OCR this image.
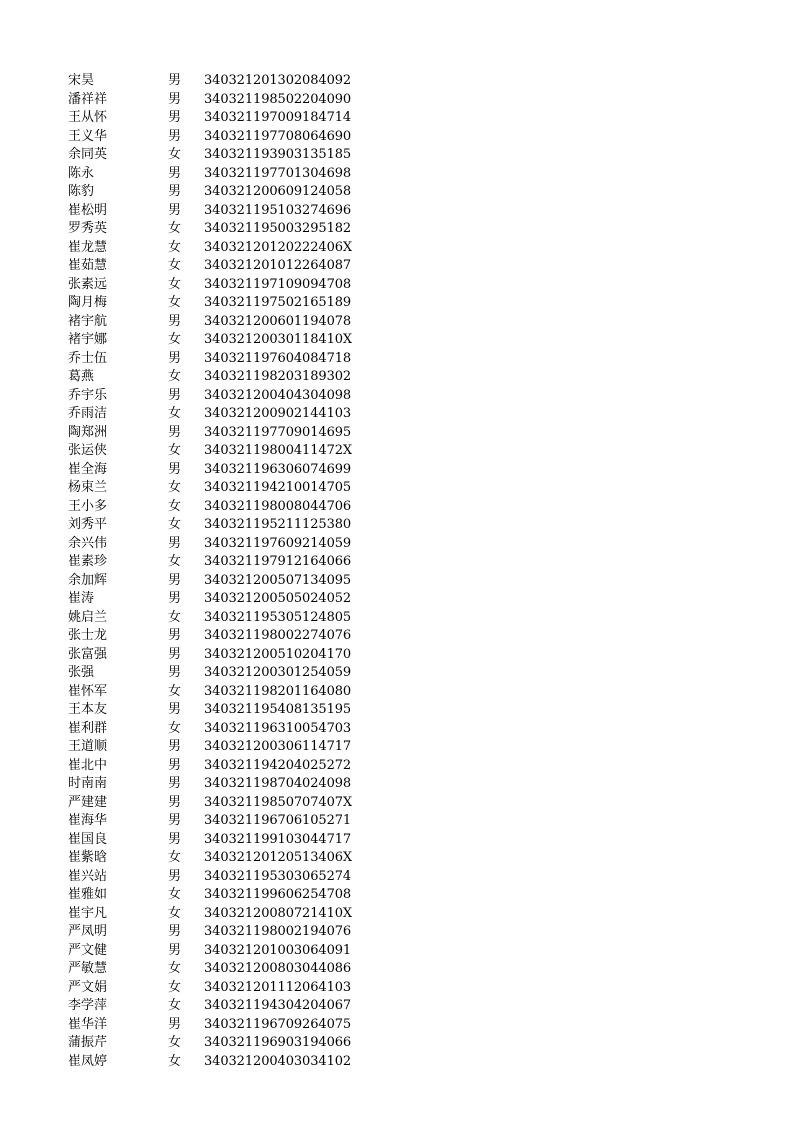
宋昊	男 340321201302084092
潘祥祥	男 340321198502204090
王从怀	男 340321197009184714
王义华	男 340321197708064690
余同英	女 340321193903135185
陈永	男 340321197701304698
陈豹	男 340321200609124058
崔松明	男 340321195103274696
罗秀英	女 340321195003295182
崔龙慧	女 34032120120222406X
崔茹慧	女 340321201012264087
张素远	女 340321197109094708
陶月梅	女 340321197502165189
褚宇航	男 340321200601194078
褚宇娜	女 34032120030118410X
乔士伍	男 340321197604084718
葛燕	女 340321198203189302
乔宇乐	男 340321200404304098
乔雨洁	女 340321200902144103
陶郑洲	男 340321197709014695
张运侠	女 34032119800411472X
崔全海	男 340321196306074699
杨束兰	女 340321194210014705
王小多	女 340321198008044706
刘秀平	女 340321195211125380
余兴伟	男 340321197609214059
崔素珍	女 340321197912164066
余加辉	男 340321200507134095
崔涛	男 340321200505024052
姚启兰	女 340321195305124805
张士龙	男 340321198002274076
张富强	男 340321200510204170
张强	男 340321200301254059
崔怀军	女 340321198201164080
王本友	男 340321195408135195
崔利群	女 340321196310054703
王道顺	男 340321200306114717
崔北中	男 340321194204025272
时南南	男 340321198704024098
严建建	男 34032119850707407X
崔海华	男 340321196706105271
崔国良	男 340321199103044717
崔紫晗	女 34032120120513406X
崔兴站	男 340321195303065274
崔雅如	女 340321199606254708
崔宇凡	女 34032120080721410X
严凤明	男 340321198002194076
严文健	男 340321201003064091
严敏慧	女 340321200803044086
严文娟	女 340321201112064103
李学萍	女 340321194304204067
崔华洋	男 340321196709264075
蒲振芹	女 340321196903194066
崔凤婷	女 340321200403034102
